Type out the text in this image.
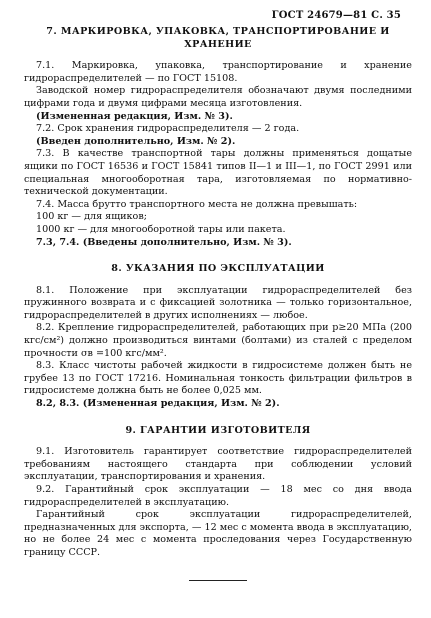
ГОСТ 24679—81 С. 35
7. МАРКИРОВКА, УПАКОВКА, ТРАНСПОРТИРОВАНИЕ И ХРАНЕНИЕ

7.1. Маркировка, упаковка, транспортирование и хранение гидрораспределителей — по ГОСТ 15108.

Заводской номер гидрораспределителя обозначают двумя последними цифрами года и двумя цифрами месяца изготовления.

(Измененная редакция, Изм. № 3).

7.2. Срок хранения гидрораспределителя — 2 года.

(Введен дополнительно, Изм. № 2).

7.3. В качестве транспортной тары должны применяться дощатые ящики по ГОСТ 16536 и ГОСТ 15841 типов II—1 и III—1, по ГОСТ 2991 или специальная многооборотная тара, изготовляемая по нормативно-технической документации.

7.4. Масса брутто транспортного места не должна превышать:

100 кг — для ящиков;

1000 кг — для многооборотной тары или пакета.

7.3, 7.4. (Введены дополнительно, Изм. № 3).

8. УКАЗАНИЯ ПО ЭКСПЛУАТАЦИИ

8.1. Положение при эксплуатации гидрораспределителей без пружинного возврата и с фиксацией золотника — только горизонтальное, гидрораспределителей в других исполнениях — любое.

8.2. Крепление гидрораспределителей, работающих при p≥20 МПа (200 кгс/см²) должно производиться винтами (болтами) из сталей с пределом прочности σв =100 кгс/мм².

8.3. Класс чистоты рабочей жидкости в гидросистеме должен быть не грубее 13 по ГОСТ 17216. Номинальная тонкость фильтрации фильтров в гидросистеме должна быть не более 0,025 мм.

8.2, 8.3. (Измененная редакция, Изм. № 2).

9. ГАРАНТИИ ИЗГОТОВИТЕЛЯ

9.1. Изготовитель гарантирует соответствие гидрораспределителей требованиям настоящего стандарта при соблюдении условий эксплуатации, транспортирования и хранения.

9.2. Гарантийный срок эксплуатации — 18 мес со дня ввода гидрораспределителей в эксплуатацию.

Гарантийный срок эксплуатации гидрораспределителей, предназначенных для экспорта, — 12 мес с момента ввода в эксплуатацию, но не более 24 мес с момента проследования через Государственную границу СССР.
